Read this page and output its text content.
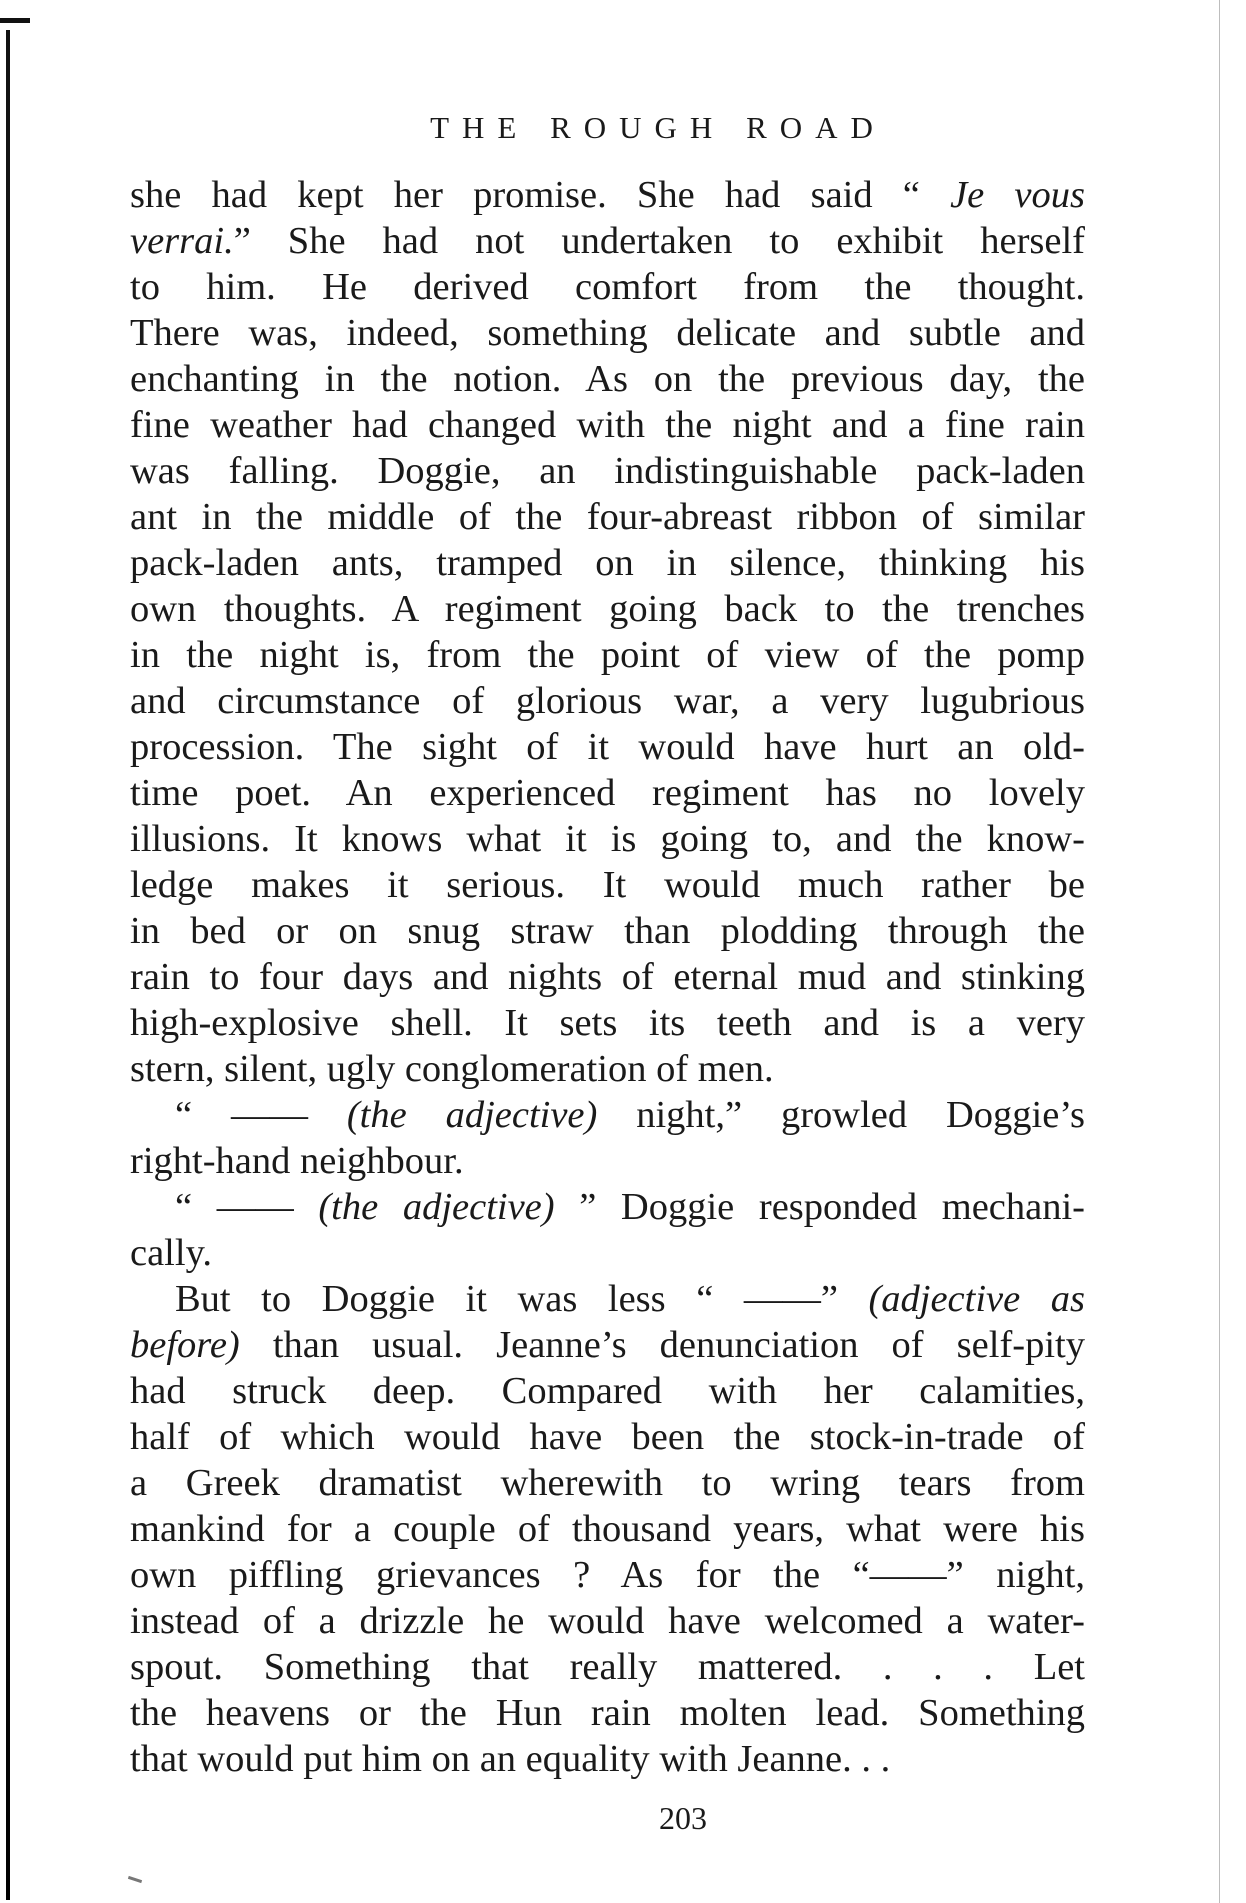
THE ROUGH ROAD
she had kept her promise. She had said “ Je vous
verrai.” She had not undertaken to exhibit herself
to him. He derived comfort from the thought.
There was, indeed, something delicate and subtle and
enchanting in the notion. As on the previous day, the
fine weather had changed with the night and a fine rain
was falling. Doggie, an indistinguishable pack-laden
ant in the middle of the four-abreast ribbon of similar
pack-laden ants, tramped on in silence, thinking his
own thoughts. A regiment going back to the trenches
in the night is, from the point of view of the pomp
and circumstance of glorious war, a very lugubrious
procession. The sight of it would have hurt an old-
time poet. An experienced regiment has no lovely
illusions. It knows what it is going to, and the know-
ledge makes it serious. It would much rather be
in bed or on snug straw than plodding through the
rain to four days and nights of eternal mud and stinking
high-explosive shell. It sets its teeth and is a very
stern, silent, ugly conglomeration of men.
“ —— (the adjective) night,” growled Doggie’s
right-hand neighbour.
“ —— (the adjective) ” Doggie responded mechani-
cally.
But to Doggie it was less “ ——” (adjective as
before) than usual. Jeanne’s denunciation of self-pity
had struck deep. Compared with her calamities,
half of which would have been the stock-in-trade of
a Greek dramatist wherewith to wring tears from
mankind for a couple of thousand years, what were his
own piffling grievances ? As for the “——” night,
instead of a drizzle he would have welcomed a water-
spout. Something that really mattered. . . . Let
the heavens or the Hun rain molten lead. Something
that would put him on an equality with Jeanne. . .
203
